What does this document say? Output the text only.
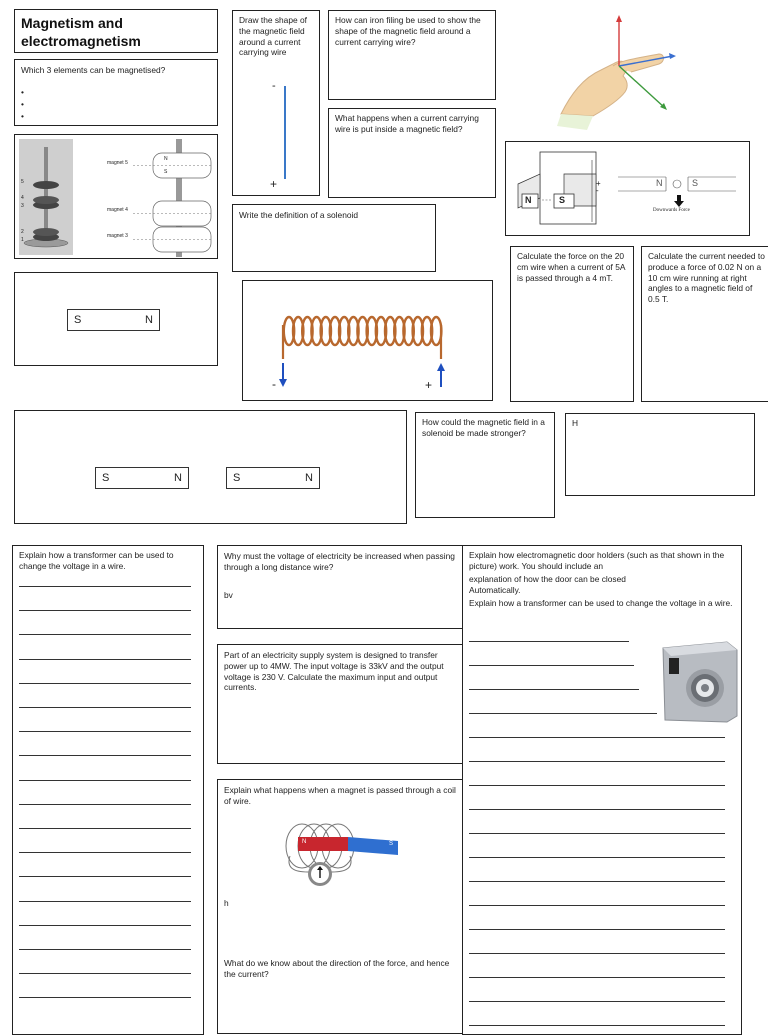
Magnetism and electromagnetism
Which 3 elements can be magnetised?
•
•
•
Draw the shape of the magnetic field around a current carrying wire
-
+
How can iron filing be used to show the shape of the magnetic field around a current carrying wire?
What happens when a current carrying wire is put inside a magnetic field?
5
4
3
2
1
magnet 5
magnet 4
magnet 3
N
S
Write the definition of a solenoid
N	S
+
-
N	S
Downwards Force
Calculate the force on the 20 cm wire when a current of 5A is passed through a 4 mT.
Calculate the current needed to produce a force of 0.02 N on a 10 cm wire running at right angles to a magnetic field of 0.5 T.
S	N
-	+
S	N	S	N
How could the magnetic field in a solenoid be made stronger?
H
Explain how a transformer can be used to change the voltage in a wire.
Why must the voltage of electricity be increased when passing through a long distance wire?
bv
Part of an electricity supply system is designed to transfer power up to 4MW. The input voltage is 33kV and the output voltage is 230 V. Calculate the maximum input and output currents.
Explain what happens when a magnet is passed through a coil of wire.
N	S
h
What do we know about the direction of the force, and hence the current?
Explain how electromagnetic door holders (such as that shown in the picture) work. You should include an
explanation of how the door can be closed
Automatically.
Explain how a transformer can be used to change the voltage in a wire.
